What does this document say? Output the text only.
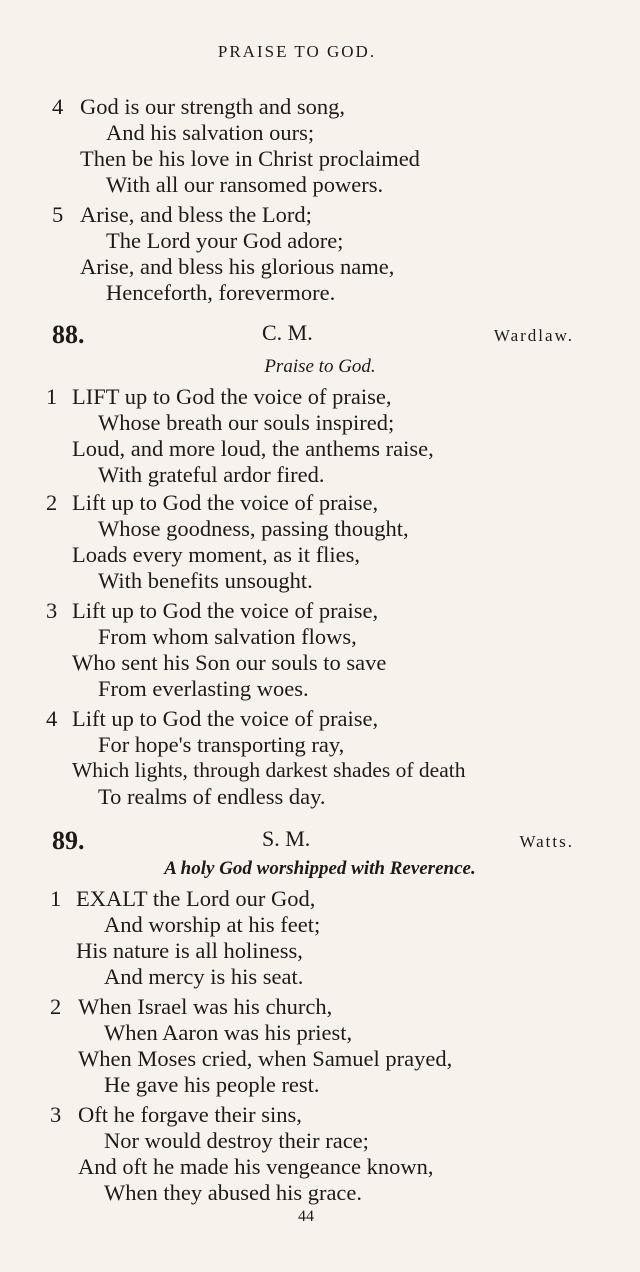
PRAISE TO GOD.
4 God is our strength and song,
And his salvation ours;
Then be his love in Christ proclaimed
With all our ransomed powers.
5 Arise, and bless the Lord;
The Lord your God adore;
Arise, and bless his glorious name,
Henceforth, forevermore.
88.	C. M.	Wardlaw.
Praise to God.
1 LIFT up to God the voice of praise,
Whose breath our souls inspired;
Loud, and more loud, the anthems raise,
With grateful ardor fired.
2 Lift up to God the voice of praise,
Whose goodness, passing thought,
Loads every moment, as it flies,
With benefits unsought.
3 Lift up to God the voice of praise,
From whom salvation flows,
Who sent his Son our souls to save
From everlasting woes.
4 Lift up to God the voice of praise,
For hope's transporting ray,
Which lights, through darkest shades of death
To realms of endless day.
89.	S. M.	Watts.
A holy God worshipped with Reverence.
1 EXALT the Lord our God,
And worship at his feet;
His nature is all holiness,
And mercy is his seat.
2 When Israel was his church,
When Aaron was his priest,
When Moses cried, when Samuel prayed,
He gave his people rest.
3 Oft he forgave their sins,
Nor would destroy their race;
And oft he made his vengeance known,
When they abused his grace.
44
